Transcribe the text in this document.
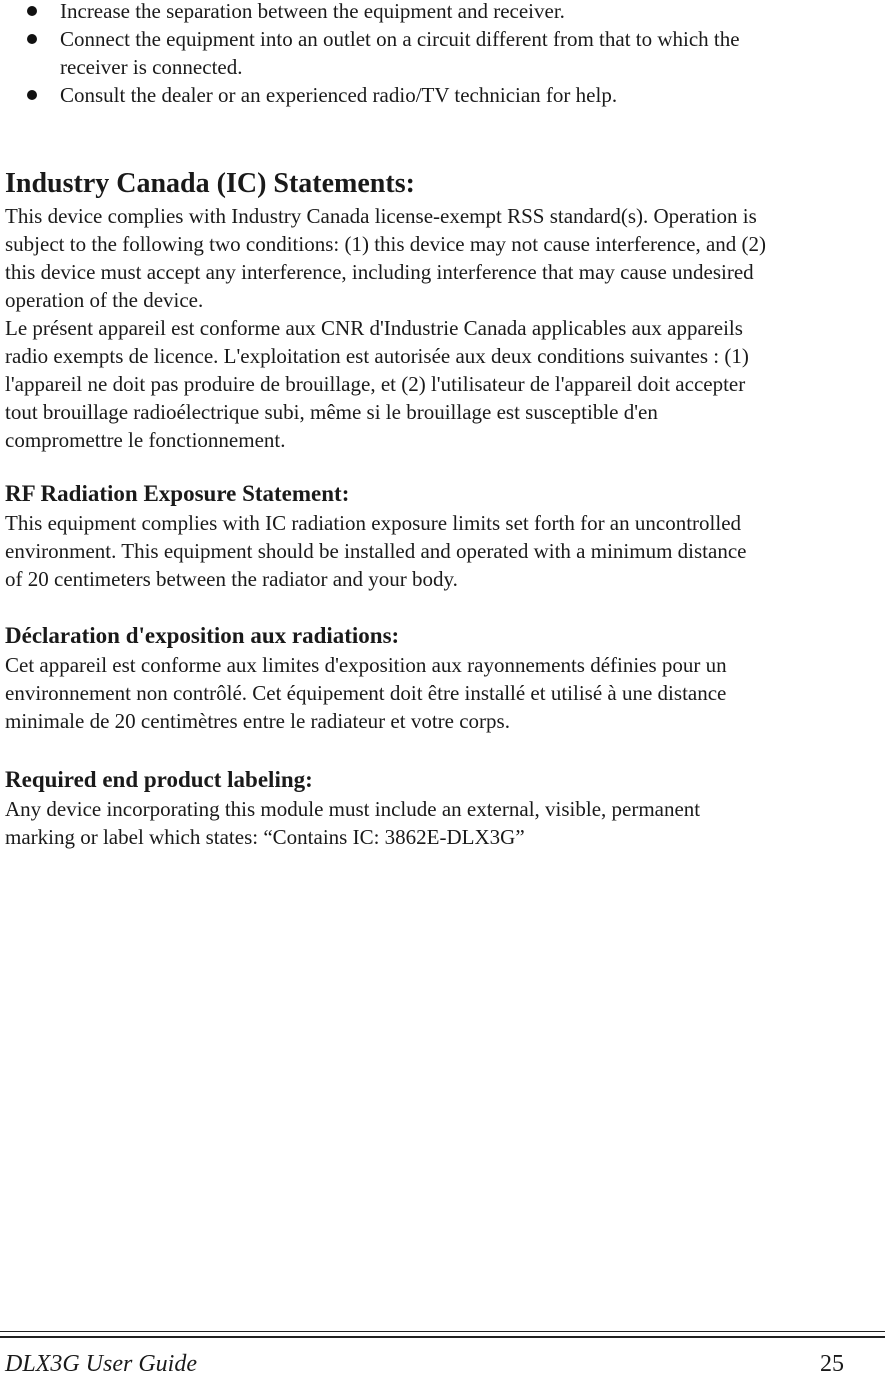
Increase the separation between the equipment and receiver.
Connect the equipment into an outlet on a circuit different from that to which the
receiver is connected.
Consult the dealer or an experienced radio/TV technician for help.
Industry Canada (IC) Statements:

This device complies with Industry Canada license-exempt RSS standard(s). Operation is
subject to the following two conditions: (1) this device may not cause interference, and (2)
this device must accept any interference, including interference that may cause undesired
operation of the device.

Le présent appareil est conforme aux CNR d'Industrie Canada applicables aux appareils
radio exempts de licence. L'exploitation est autorisée aux deux conditions suivantes : (1)
l'appareil ne doit pas produire de brouillage, et (2) l'utilisateur de l'appareil doit accepter
tout brouillage radioélectrique subi, même si le brouillage est susceptible d'en
compromettre le fonctionnement.

RF Radiation Exposure Statement:

This equipment complies with IC radiation exposure limits set forth for an uncontrolled
environment. This equipment should be installed and operated with a minimum distance
of 20 centimeters between the radiator and your body.

Déclaration d'exposition aux radiations:

Cet appareil est conforme aux limites d'exposition aux rayonnements définies pour un
environnement non contrôlé. Cet équipement doit être installé et utilisé à une distance
minimale de 20 centimètres entre le radiateur et votre corps.

Required end product labeling:

Any device incorporating this module must include an external, visible, permanent
marking or label which states: “Contains IC: 3862E-DLX3G”

DLX3G User Guide	25
